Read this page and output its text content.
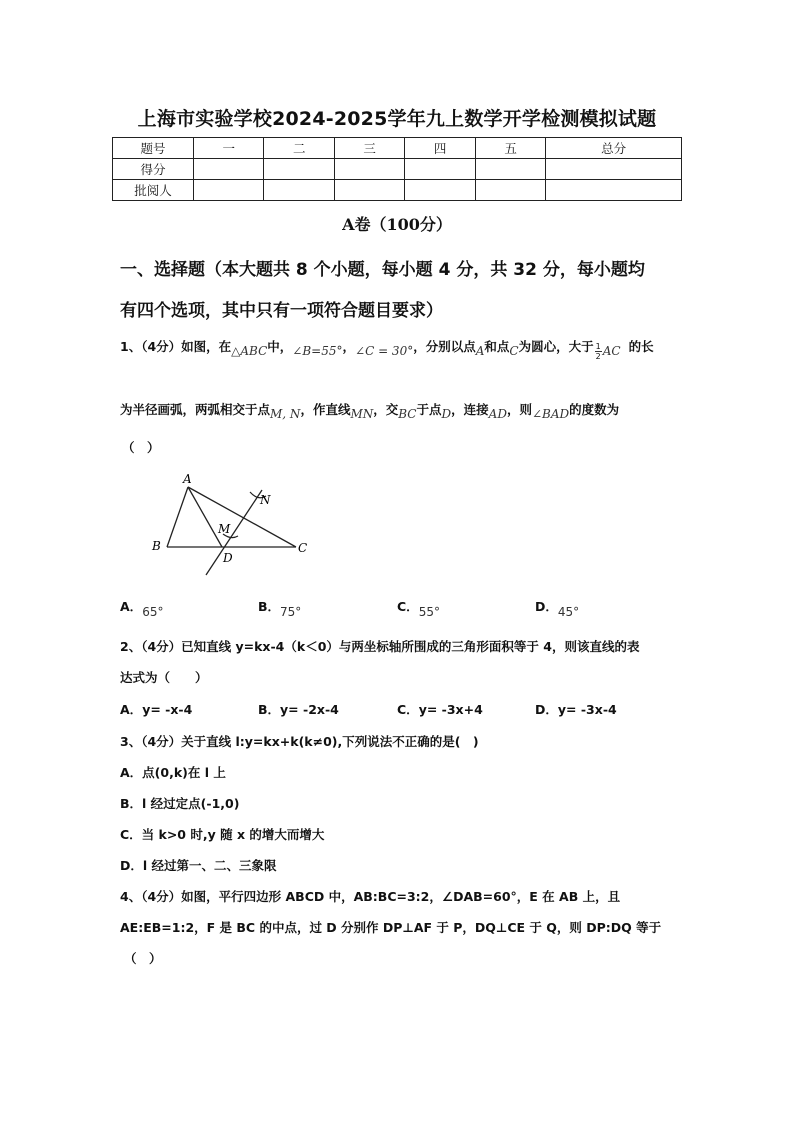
上海市实验学校2024-2025学年九上数学开学检测模拟试题
题号	一	二	三	四	五	总分
得分						
批阅人						
A卷（100分）
一、选择题（本大题共 8 个小题，每小题 4 分，共 32 分，每小题均
有四个选项，其中只有一项符合题目要求）
1、（4分）如图，在△ABC中，∠B=55°，∠C = 30°，分别以点A和点C为圆心，大于 $\frac{1}{2}$ AC 的长
为半径画弧，两弧相交于点M, N，作直线MN，交BC于点D，连接AD，则∠BAD的度数为
（　）
A
B	C
D
M
N
A．65°	B．75°	C．55°	D．45°
2、（4分）已知直线 y=kx-4（k＜0）与两坐标轴所围成的三角形面积等于 4，则该直线的表
达式为（　　）
A．y= -x-4	B．y= -2x-4	C．y= -3x+4	D．y= -3x-4
3、（4分）关于直线 l:y=kx+k(k≠0),下列说法不正确的是(　)
A．点(0,k)在 l 上
B．l 经过定点(-1,0)
C．当 k>0 时,y 随 x 的增大而增大
D．l 经过第一、二、三象限
4、（4分）如图，平行四边形 ABCD 中，AB:BC=3:2，∠DAB=60°，E 在 AB 上，且
AE:EB=1:2，F 是 BC 的中点，过 D 分别作 DP⊥AF 于 P，DQ⊥CE 于 Q，则 DP:DQ 等于
（　）
